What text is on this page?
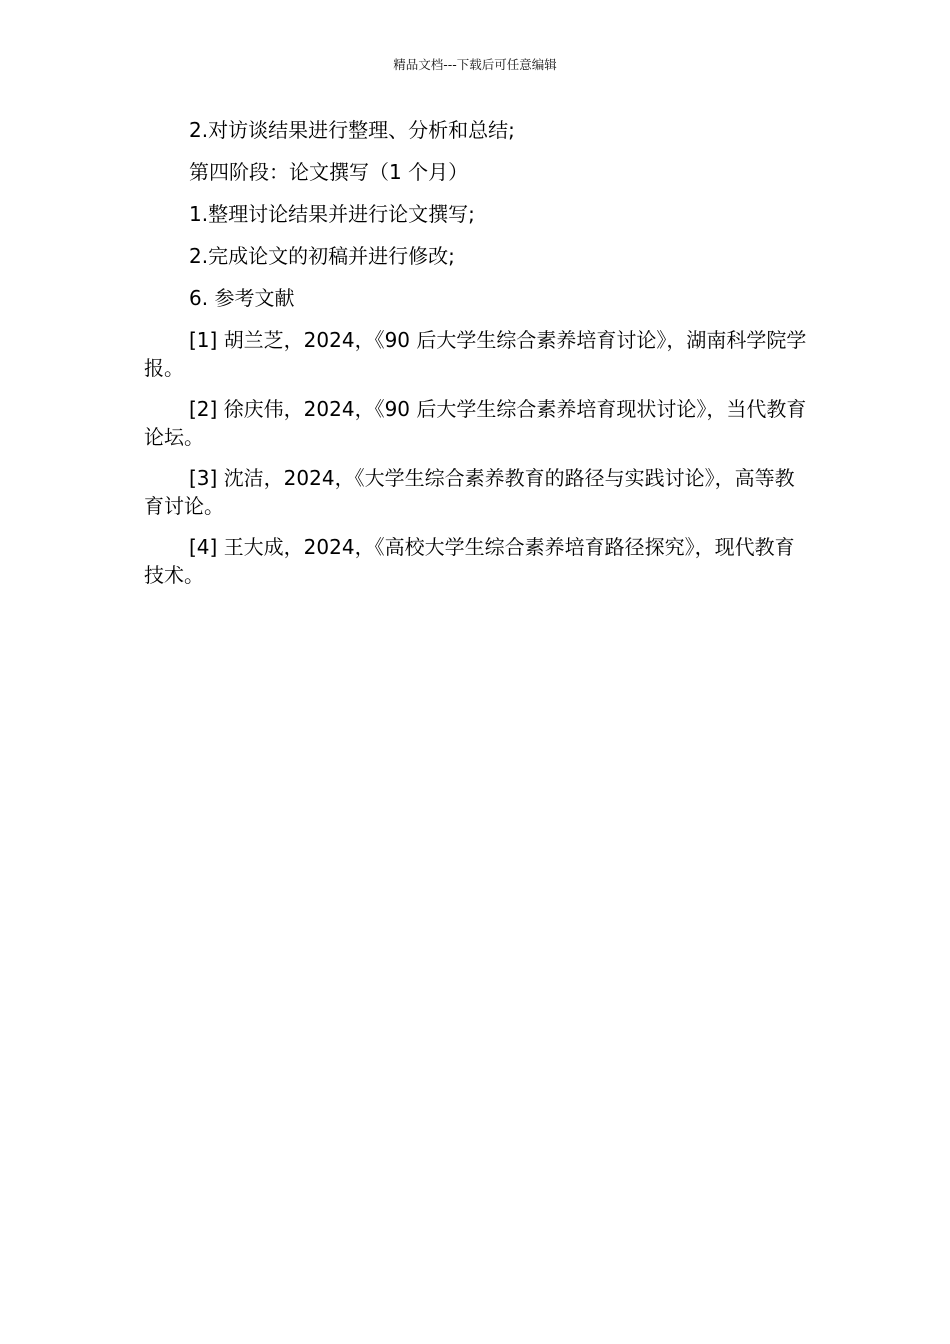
精品文档---下载后可任意编辑

2.对访谈结果进行整理、分析和总结;

第四阶段：论文撰写（1 个月）

1.整理讨论结果并进行论文撰写;

2.完成论文的初稿并进行修改;

6. 参考文献

[1] 胡兰芝，2024，《90 后大学生综合素养培育讨论》，湖南科学院学报。

[2] 徐庆伟，2024，《90 后大学生综合素养培育现状讨论》，当代教育论坛。

[3] 沈洁，2024，《大学生综合素养教育的路径与实践讨论》，高等教育讨论。

[4] 王大成，2024，《高校大学生综合素养培育路径探究》，现代教育技术。
